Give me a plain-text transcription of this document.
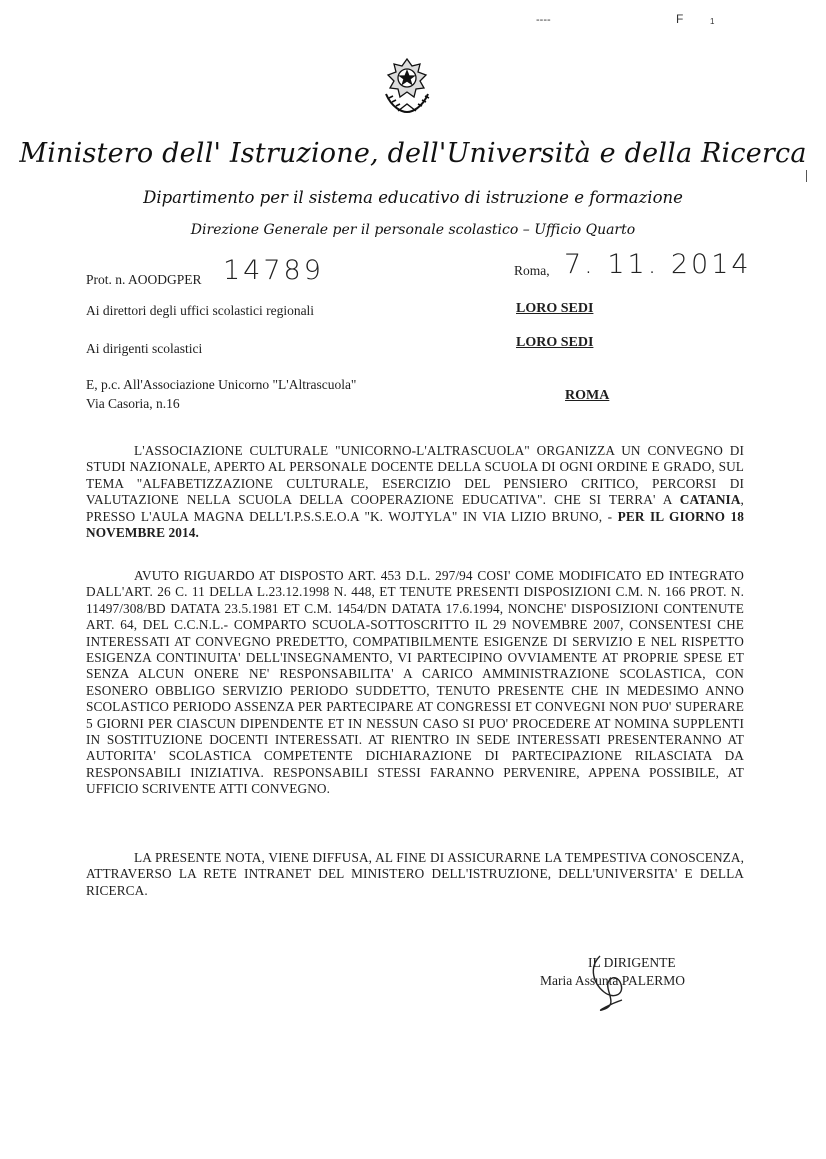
----	F	1
Ministero dell' Istruzione, dell'Università e della Ricerca
Dipartimento per il sistema educativo di istruzione e formazione
Direzione Generale per il personale scolastico – Ufficio Quarto
Prot. n. AOODGPER 14789	Roma, 7. 11. 2014
Ai direttori degli uffici scolastici regionali	LORO SEDI
Ai dirigenti scolastici	LORO SEDI
E, p.c. All'Associazione Unicorno "L'Altrascuola"
Via Casoria, n.16
ROMA
L'ASSOCIAZIONE CULTURALE "UNICORNO-L'ALTRASCUOLA" ORGANIZZA UN CONVEGNO DI STUDI NAZIONALE, APERTO AL PERSONALE DOCENTE DELLA SCUOLA DI OGNI ORDINE E GRADO, SUL TEMA "ALFABETIZZAZIONE CULTURALE, ESERCIZIO DEL PENSIERO CRITICO, PERCORSI DI VALUTAZIONE NELLA SCUOLA DELLA COOPERAZIONE EDUCATIVA". CHE SI TERRA' A CATANIA, PRESSO L'AULA MAGNA DELL'I.P.S.S.E.O.A "K. WOJTYLA" IN VIA LIZIO BRUNO, - PER IL GIORNO 18 NOVEMBRE 2014.
AVUTO RIGUARDO AT DISPOSTO ART. 453 D.L. 297/94 COSI' COME MODIFICATO ED INTEGRATO DALL'ART. 26 C. 11 DELLA L.23.12.1998 N. 448, ET TENUTE PRESENTI DISPOSIZIONI C.M. N. 166 PROT. N. 11497/308/BD DATATA 23.5.1981 ET C.M. 1454/DN DATATA 17.6.1994, NONCHE' DISPOSIZIONI CONTENUTE ART. 64, DEL C.C.N.L.- COMPARTO SCUOLA-SOTTOSCRITTO IL 29 NOVEMBRE 2007, CONSENTESI CHE INTERESSATI AT CONVEGNO PREDETTO, COMPATIBILMENTE ESIGENZE DI SERVIZIO E NEL RISPETTO ESIGENZA CONTINUITA' DELL'INSEGNAMENTO, VI PARTECIPINO OVVIAMENTE AT PROPRIE SPESE ET SENZA ALCUN ONERE NE' RESPONSABILITA' A CARICO AMMINISTRAZIONE SCOLASTICA, CON ESONERO OBBLIGO SERVIZIO PERIODO SUDDETTO, TENUTO PRESENTE CHE IN MEDESIMO ANNO SCOLASTICO PERIODO ASSENZA PER PARTECIPARE AT CONGRESSI ET CONVEGNI NON PUO' SUPERARE 5 GIORNI PER CIASCUN DIPENDENTE ET IN NESSUN CASO SI PUO' PROCEDERE AT NOMINA SUPPLENTI IN SOSTITUZIONE DOCENTI INTERESSATI. AT RIENTRO IN SEDE INTERESSATI PRESENTERANNO AT AUTORITA' SCOLASTICA COMPETENTE DICHIARAZIONE DI PARTECIPAZIONE RILASCIATA DA RESPONSABILI INIZIATIVA. RESPONSABILI STESSI FARANNO PERVENIRE, APPENA POSSIBILE, AT UFFICIO SCRIVENTE ATTI CONVEGNO.
LA PRESENTE NOTA, VIENE DIFFUSA, AL FINE DI ASSICURARNE LA TEMPESTIVA CONOSCENZA, ATTRAVERSO LA RETE INTRANET DEL MINISTERO DELL'ISTRUZIONE, DELL'UNIVERSITA' E DELLA RICERCA.
IL DIRIGENTE
Maria Assunta PALERMO
